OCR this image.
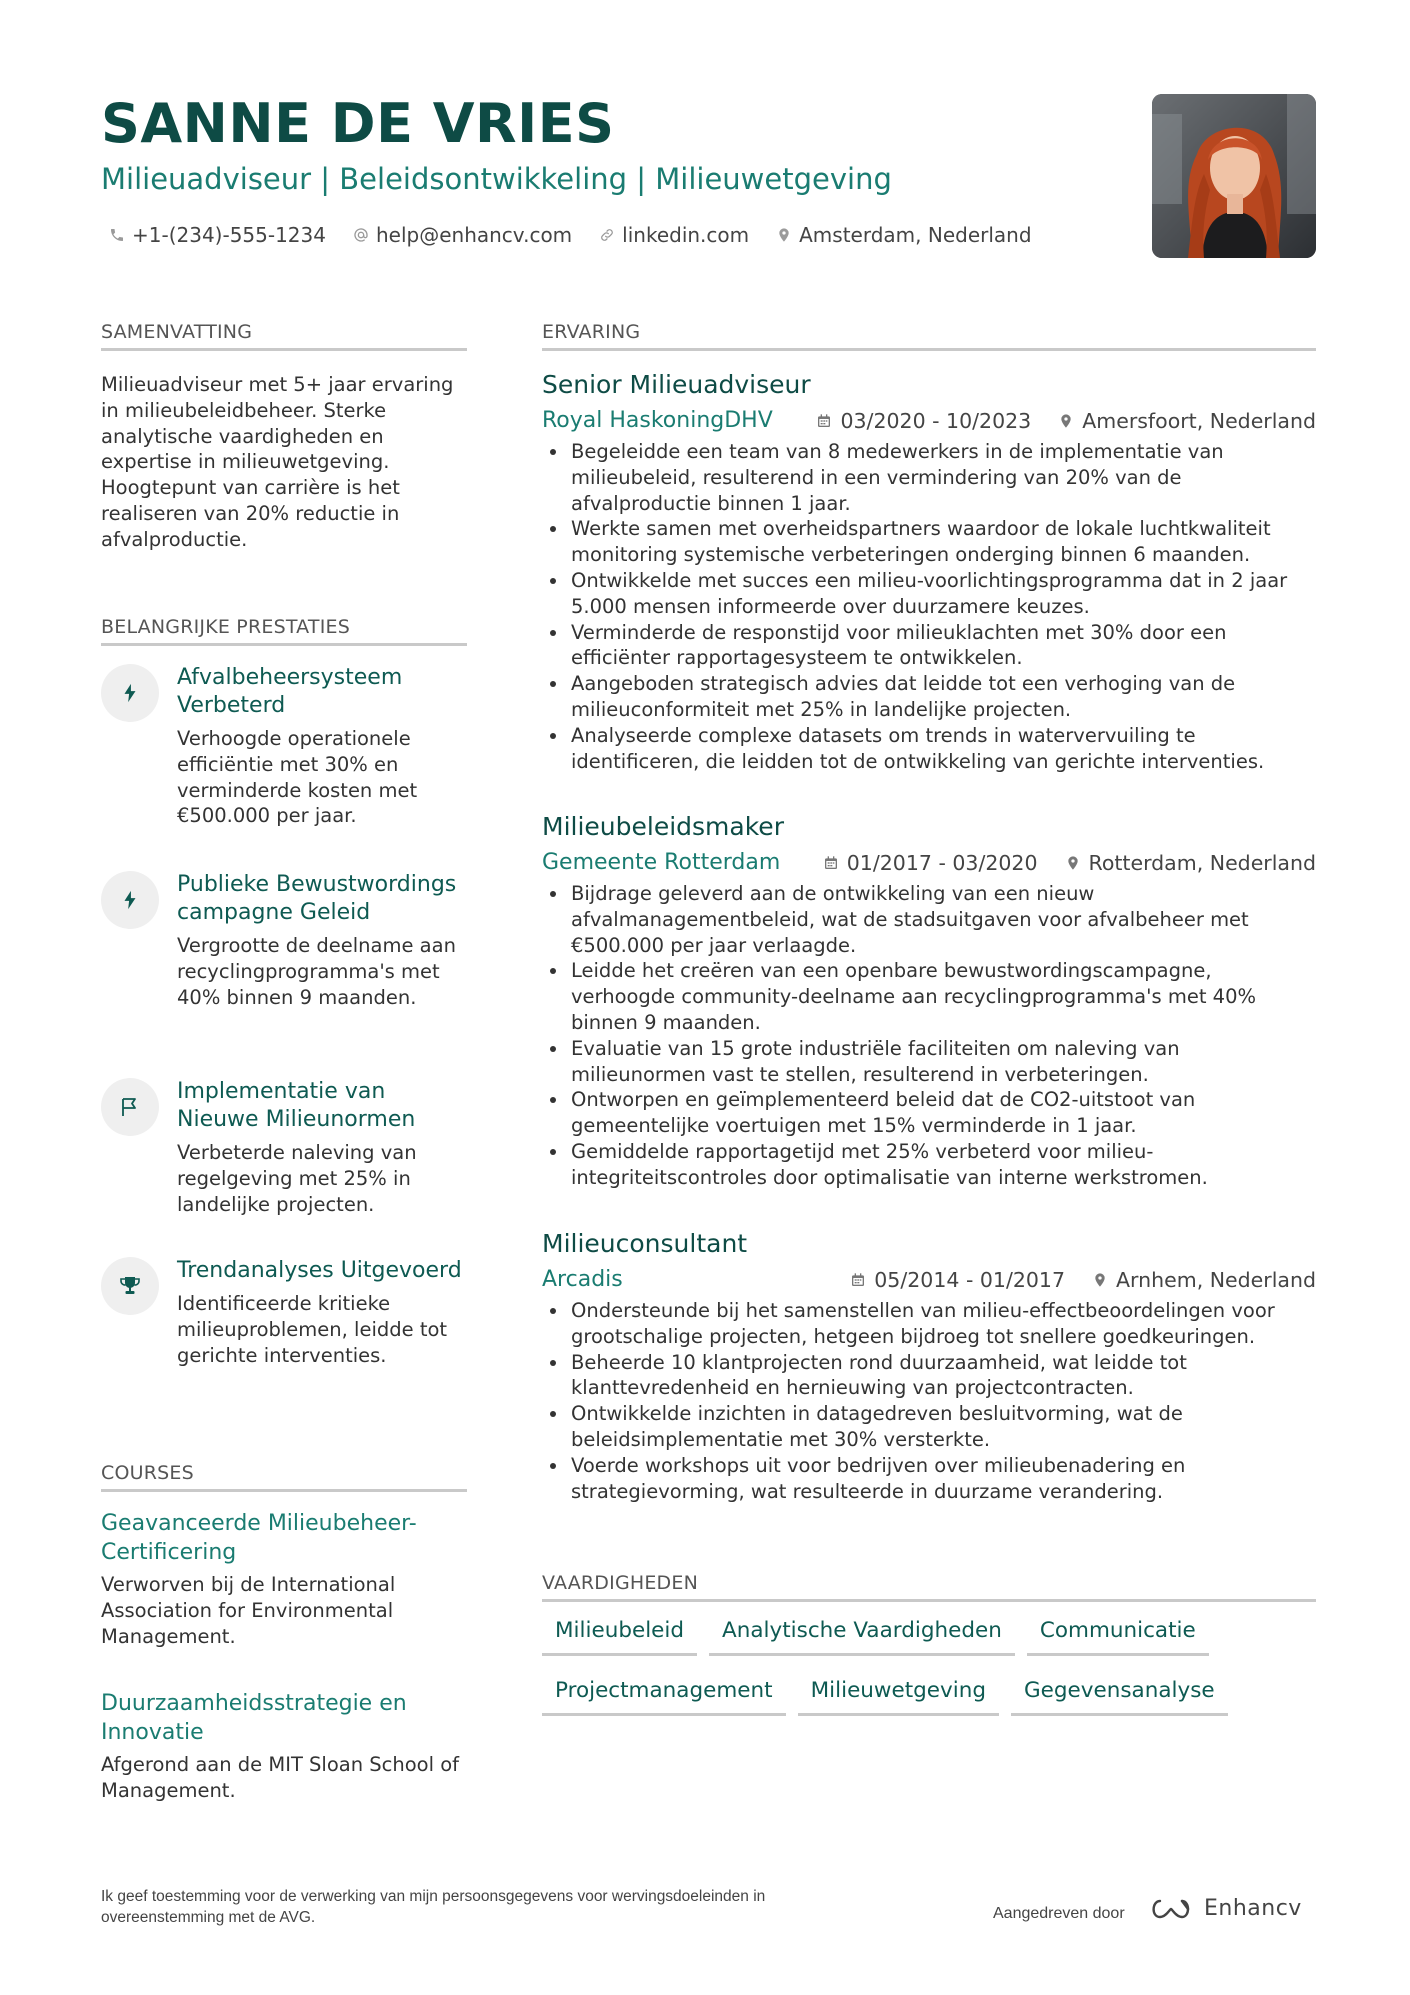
SANNE DE VRIES
Milieuadviseur | Beleidsontwikkeling | Milieuwetgeving
+1-(234)-555-1234	help@enhancv.com	linkedin.com	Amsterdam, Nederland
SAMENVATTING
Milieuadviseur met 5+ jaar ervaring in milieubeleidbeheer. Sterke analytische vaardigheden en expertise in milieuwetgeving. Hoogtepunt van carrière is het realiseren van 20% reductie in afvalproductie.
BELANGRIJKE PRESTATIES
Afvalbeheersysteem Verbeterd
Verhoogde operationele efficiëntie met 30% en verminderde kosten met €500.000 per jaar.
Publieke Bewustwordingscampagne Geleid
Vergrootte de deelname aan recyclingprogramma's met 40% binnen 9 maanden.
Implementatie van Nieuwe Milieunormen
Verbeterde naleving van regelgeving met 25% in landelijke projecten.
Trendanalyses Uitgevoerd
Identificeerde kritieke milieuproblemen, leidde tot gerichte interventies.
COURSES
Geavanceerde Milieubeheer-Certificering
Verworven bij de International Association for Environmental Management.
Duurzaamheidsstrategie en Innovatie
Afgerond aan de MIT Sloan School of Management.
ERVARING
Senior Milieuadviseur
Royal HaskoningDHV	03/2020 - 10/2023 Amersfoort, Nederland
Begeleidde een team van 8 medewerkers in de implementatie van milieubeleid, resulterend in een vermindering van 20% van de afvalproductie binnen 1 jaar.
Werkte samen met overheidspartners waardoor de lokale luchtkwaliteit monitoring systemische verbeteringen onderging binnen 6 maanden.
Ontwikkelde met succes een milieu-voorlichtingsprogramma dat in 2 jaar 5.000 mensen informeerde over duurzamere keuzes.
Verminderde de responstijd voor milieuklachten met 30% door een efficiënter rapportagesysteem te ontwikkelen.
Aangeboden strategisch advies dat leidde tot een verhoging van de milieuconformiteit met 25% in landelijke projecten.
Analyseerde complexe datasets om trends in watervervuiling te identificeren, die leidden tot de ontwikkeling van gerichte interventies.
Milieubeleidsmaker
Gemeente Rotterdam	01/2017 - 03/2020 Rotterdam, Nederland
Bijdrage geleverd aan de ontwikkeling van een nieuw afvalmanagementbeleid, wat de stadsuitgaven voor afvalbeheer met €500.000 per jaar verlaagde.
Leidde het creëren van een openbare bewustwordingscampagne, verhoogde community-deelname aan recyclingprogramma's met 40% binnen 9 maanden.
Evaluatie van 15 grote industriële faciliteiten om naleving van milieunormen vast te stellen, resulterend in verbeteringen.
Ontworpen en geïmplementeerd beleid dat de CO2-uitstoot van gemeentelijke voertuigen met 15% verminderde in 1 jaar.
Gemiddelde rapportagetijd met 25% verbeterd voor milieu-integriteitscontroles door optimalisatie van interne werkstromen.
Milieuconsultant
Arcadis	05/2014 - 01/2017 Arnhem, Nederland
Ondersteunde bij het samenstellen van milieu-effectbeoordelingen voor grootschalige projecten, hetgeen bijdroeg tot snellere goedkeuringen.
Beheerde 10 klantprojecten rond duurzaamheid, wat leidde tot klanttevredenheid en hernieuwing van projectcontracten.
Ontwikkelde inzichten in datagedreven besluitvorming, wat de beleidsimplementatie met 30% versterkte.
Voerde workshops uit voor bedrijven over milieubenadering en strategievorming, wat resulteerde in duurzame verandering.
VAARDIGHEDEN
Milieubeleid	Analytische Vaardigheden	Communicatie
Projectmanagement	Milieuwetgeving	Gegevensanalyse
Ik geef toestemming voor de verwerking van mijn persoonsgegevens voor wervingsdoeleinden in overeenstemming met de AVG.	Aangedreven door	Enhancv
